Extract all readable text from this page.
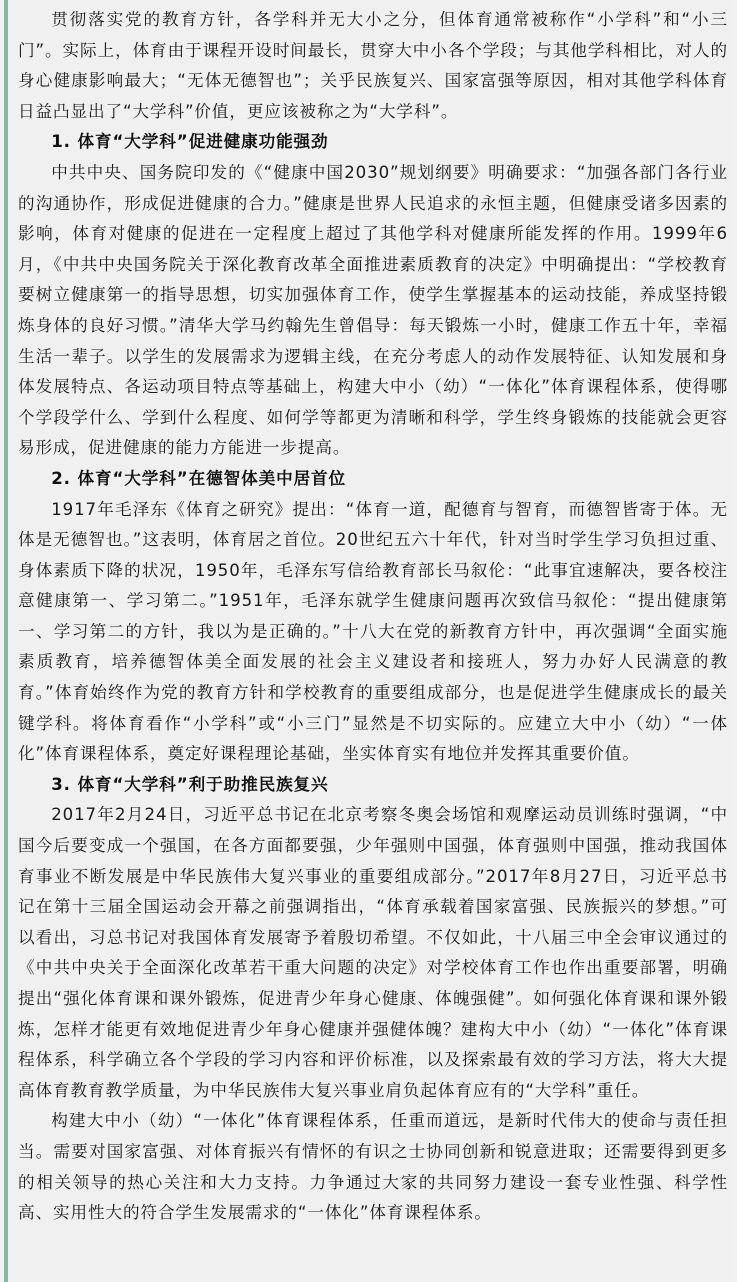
贯彻落实党的教育方针，各学科并无大小之分，但体育通常被称作“小学科”和“小三门”。实际上，体育由于课程开设时间最长，贯穿大中小各个学段；与其他学科相比，对人的身心健康影响最大；“无体无德智也”；关乎民族复兴、国家富强等原因，相对其他学科体育日益凸显出了“大学科”价值，更应该被称之为“大学科”。

1. 体育“大学科”促进健康功能强劲

中共中央、国务院印发的《“健康中国2030”规划纲要》明确要求：“加强各部门各行业的沟通协作，形成促进健康的合力。”健康是世界人民追求的永恒主题，但健康受诸多因素的影响，体育对健康的促进在一定程度上超过了其他学科对健康所能发挥的作用。1999年6月，《中共中央国务院关于深化教育改革全面推进素质教育的决定》中明确提出：“学校教育要树立健康第一的指导思想，切实加强体育工作，使学生掌握基本的运动技能，养成坚持锻炼身体的良好习惯。”清华大学马约翰先生曾倡导：每天锻炼一小时，健康工作五十年，幸福生活一辈子。以学生的发展需求为逻辑主线，在充分考虑人的动作发展特征、认知发展和身体发展特点、各运动项目特点等基础上，构建大中小（幼）“一体化”体育课程体系，使得哪个学段学什么、学到什么程度、如何学等都更为清晰和科学，学生终身锻炼的技能就会更容易形成，促进健康的能力方能进一步提高。

2. 体育“大学科”在德智体美中居首位

1917年毛泽东《体育之研究》提出：“体育一道，配德育与智育，而德智皆寄于体。无体是无德智也。”这表明，体育居之首位。20世纪五六十年代，针对当时学生学习负担过重、身体素质下降的状况，1950年，毛泽东写信给教育部长马叙伦：“此事宜速解决，要各校注意健康第一、学习第二。”1951年，毛泽东就学生健康问题再次致信马叙伦：“提出健康第一、学习第二的方针，我以为是正确的。”十八大在党的新教育方针中，再次强调“全面实施素质教育，培养德智体美全面发展的社会主义建设者和接班人，努力办好人民满意的教育。”体育始终作为党的教育方针和学校教育的重要组成部分，也是促进学生健康成长的最关键学科。将体育看作“小学科”或“小三门”显然是不切实际的。应建立大中小（幼）“一体化”体育课程体系，奠定好课程理论基础，坐实体育实有地位并发挥其重要价值。

3. 体育“大学科”利于助推民族复兴

2017年2月24日，习近平总书记在北京考察冬奥会场馆和观摩运动员训练时强调，“中国今后要变成一个强国，在各方面都要强，少年强则中国强，体育强则中国强，推动我国体育事业不断发展是中华民族伟大复兴事业的重要组成部分。”2017年8月27日，习近平总书记在第十三届全国运动会开幕之前强调指出，“体育承载着国家富强、民族振兴的梦想。”可以看出，习总书记对我国体育发展寄予着殷切希望。不仅如此，十八届三中全会审议通过的《中共中央关于全面深化改革若干重大问题的决定》对学校体育工作也作出重要部署，明确提出“强化体育课和课外锻炼，促进青少年身心健康、体魄强健”。如何强化体育课和课外锻炼，怎样才能更有效地促进青少年身心健康并强健体魄？建构大中小（幼）“一体化”体育课程体系，科学确立各个学段的学习内容和评价标准，以及探索最有效的学习方法，将大大提高体育教育教学质量，为中华民族伟大复兴事业肩负起体育应有的“大学科”重任。

构建大中小（幼）“一体化”体育课程体系，任重而道远，是新时代伟大的使命与责任担当。需要对国家富强、对体育振兴有情怀的有识之士协同创新和锐意进取；还需要得到更多的相关领导的热心关注和大力支持。力争通过大家的共同努力建设一套专业性强、科学性高、实用性大的符合学生发展需求的“一体化”体育课程体系。
